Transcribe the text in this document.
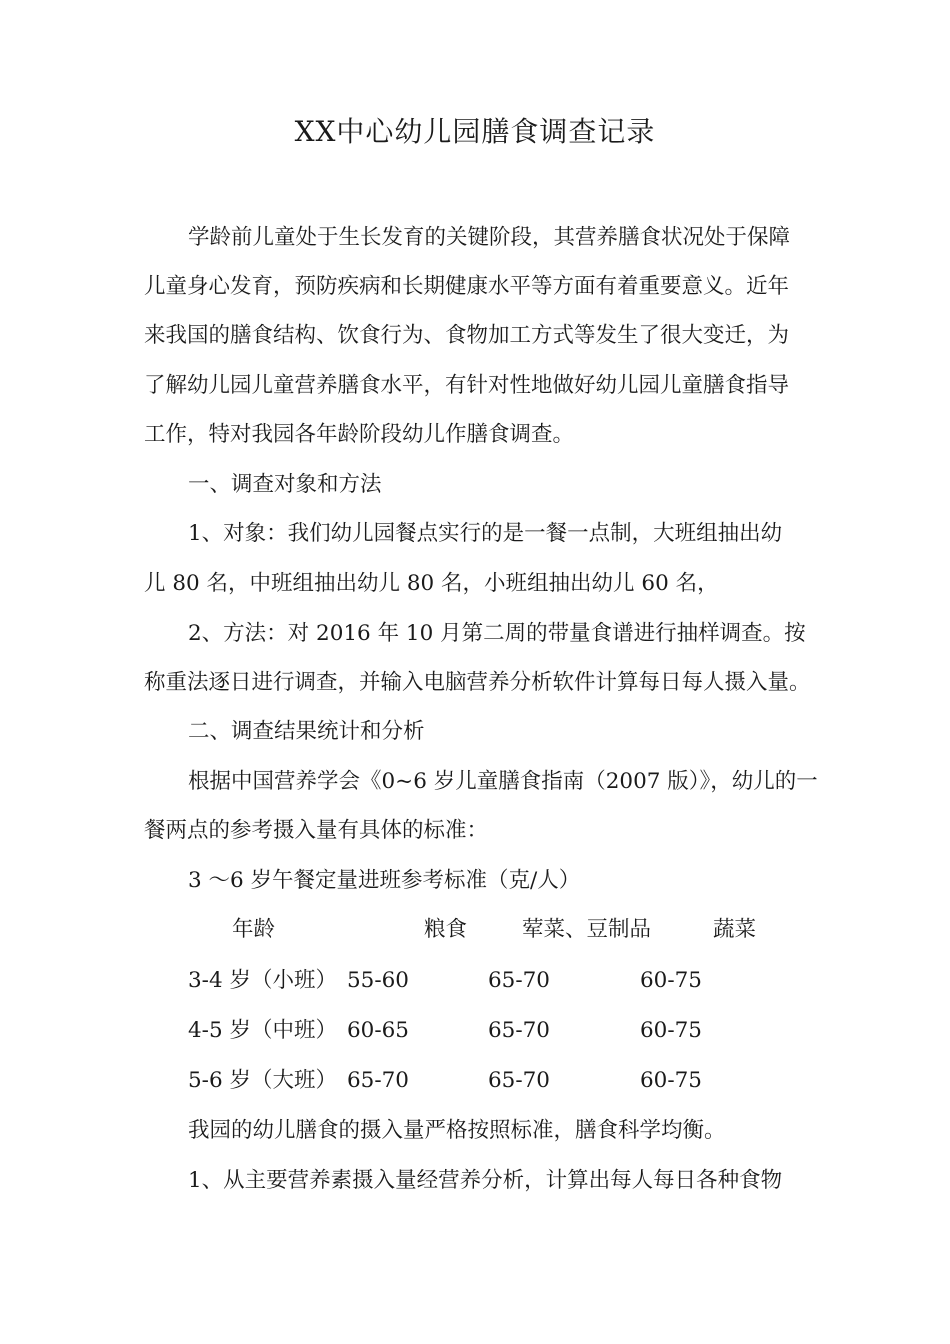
XX中心幼儿园膳食调查记录
学龄前儿童处于生长发育的关键阶段，其营养膳食状况处于保障
儿童身心发育，预防疾病和长期健康水平等方面有着重要意义。近年
来我国的膳食结构、饮食行为、食物加工方式等发生了很大变迁，为
了解幼儿园儿童营养膳食水平，有针对性地做好幼儿园儿童膳食指导
工作，特对我园各年龄阶段幼儿作膳食调查。
一、调查对象和方法
1、对象：我们幼儿园餐点实行的是一餐一点制，大班组抽出幼
儿 80 名，中班组抽出幼儿 80 名，小班组抽出幼儿 60 名，
2、方法：对 2016 年 10 月第二周的带量食谱进行抽样调查。按
称重法逐日进行调查，并输入电脑营养分析软件计算每日每人摄入量。
二、调查结果统计和分析
根据中国营养学会《0~6 岁儿童膳食指南（2007 版）》，幼儿的一
餐两点的参考摄入量有具体的标准：
3 ～6 岁午餐定量进班参考标准（克/人）
年龄	粮食	荤菜、豆制品	蔬菜
3-4 岁（小班） 55-60	65-70	60-75
4-5 岁（中班） 60-65	65-70	60-75
5-6 岁（大班） 65-70	65-70	60-75
我园的幼儿膳食的摄入量严格按照标准，膳食科学均衡。
1、从主要营养素摄入量经营养分析，计算出每人每日各种食物
